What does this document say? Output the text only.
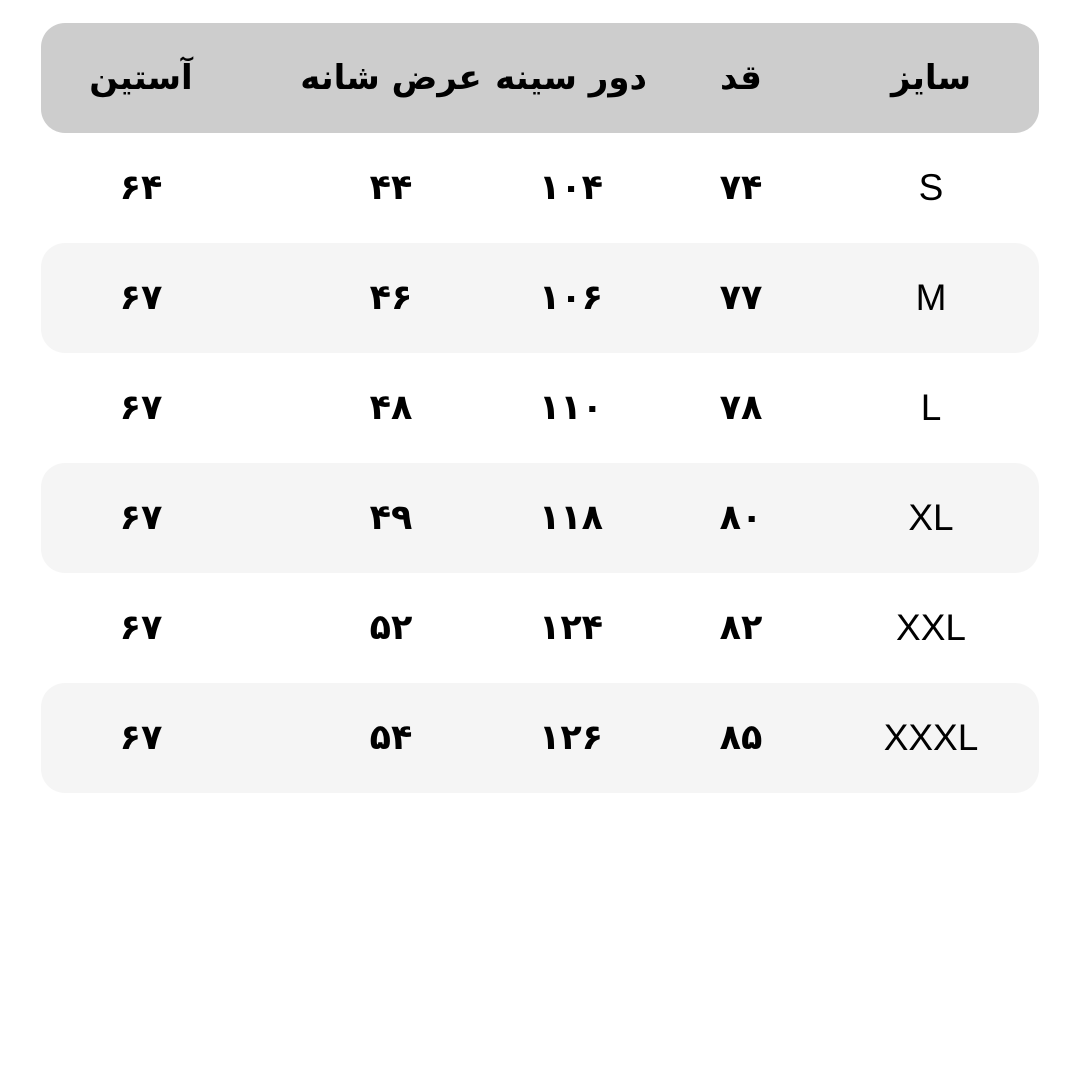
سایز
قد
دور سینه
عرض شانه
آستین
S
۷۴
۱۰۴
۴۴
۶۴
M
۷۷
۱۰۶
۴۶
۶۷
L
۷۸
۱۱۰
۴۸
۶۷
XL
۸۰
۱۱۸
۴۹
۶۷
XXL
۸۲
۱۲۴
۵۲
۶۷
XXXL
۸۵
۱۲۶
۵۴
۶۷
